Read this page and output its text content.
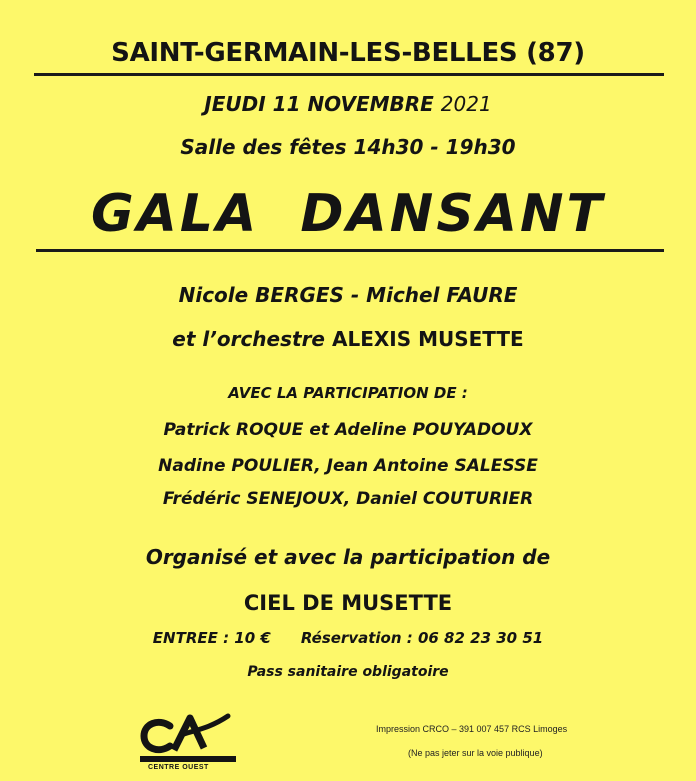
SAINT-GERMAIN-LES-BELLES (87)
JEUDI 11 NOVEMBRE 2021
Salle des fêtes 14h30 - 19h30
GALA DANSANT
Nicole BERGES - Michel FAURE
et l’orchestre ALEXIS MUSETTE
AVEC LA PARTICIPATION DE :
Patrick ROQUE et Adeline POUYADOUX
Nadine POULIER, Jean Antoine SALESSE
Frédéric SENEJOUX, Daniel COUTURIER
Organisé et avec la participation de
CIEL DE MUSETTE
ENTREE : 10 € Réservation : 06 82 23 30 51
Pass sanitaire obligatoire
CENTRE OUEST
Impression CRCO – 391 007 457 RCS Limoges
(Ne pas jeter sur la voie publique)
